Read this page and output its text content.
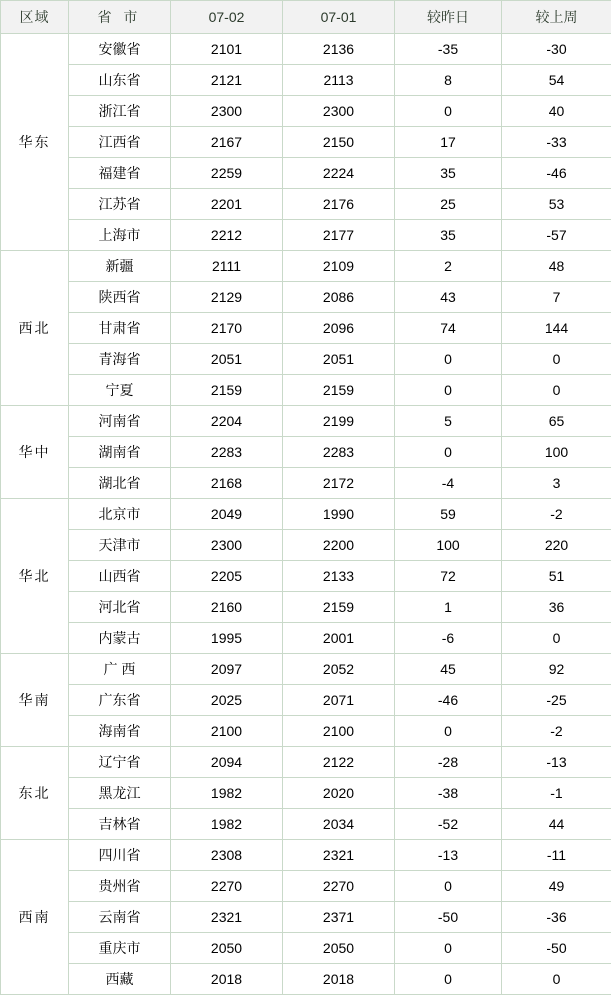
区域	省 市	07-02	07-01	较昨日	较上周
华东	安徽省	2101	2136	-35	-30
	山东省	2121	2113	8	54
	浙江省	2300	2300	0	40
	江西省	2167	2150	17	-33
	福建省	2259	2224	35	-46
	江苏省	2201	2176	25	53
	上海市	2212	2177	35	-57
西北	新疆	2111	2109	2	48
	陕西省	2129	2086	43	7
	甘肃省	2170	2096	74	144
	青海省	2051	2051	0	0
	宁夏	2159	2159	0	0
华中	河南省	2204	2199	5	65
	湖南省	2283	2283	0	100
	湖北省	2168	2172	-4	3
华北	北京市	2049	1990	59	-2
	天津市	2300	2200	100	220
	山西省	2205	2133	72	51
	河北省	2160	2159	1	36
	内蒙古	1995	2001	-6	0
华南	广 西	2097	2052	45	92
	广东省	2025	2071	-46	-25
	海南省	2100	2100	0	-2
东北	辽宁省	2094	2122	-28	-13
	黑龙江	1982	2020	-38	-1
	吉林省	1982	2034	-52	44
西南	四川省	2308	2321	-13	-11
	贵州省	2270	2270	0	49
	云南省	2321	2371	-50	-36
	重庆市	2050	2050	0	-50
	西藏	2018	2018	0	0
